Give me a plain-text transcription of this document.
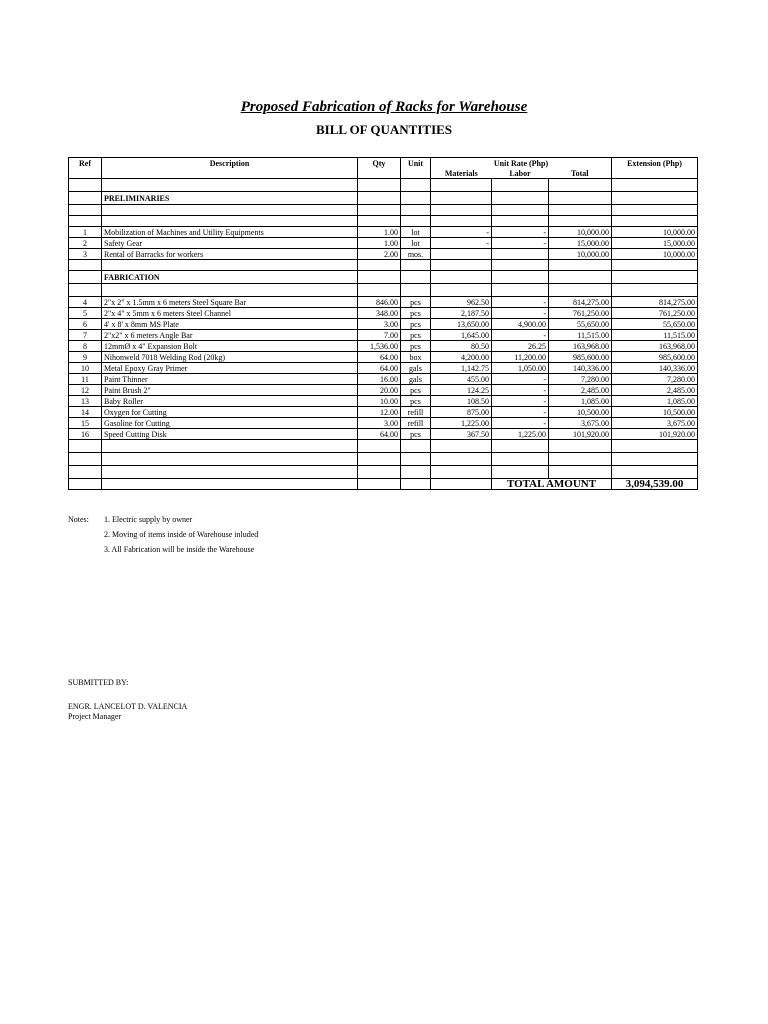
Proposed Fabrication of Racks for Warehouse
BILL OF QUANTITIES
Ref	Description	Qty	Unit	Unit Rate (Php)			Extension (Php)
				Materials	Labor	Total	

	PRELIMINARIES						

1	Mobilization of Machines and Utility Equipments	1.00	lot	-	-	10,000.00	10,000.00
2	Safety Gear	1.00	lot	-	-	15,000.00	15,000.00
3	Rental of Barracks for workers	2.00	mos.			10,000.00	10,000.00

	FABRICATION						

4	2"x 2" x 1.5mm x 6 meters Steel Square Bar	846.00	pcs	962.50	-	814,275.00	814,275.00
5	2"x 4" x 5mm x 6 meters Steel Channel	348.00	pcs	2,187.50	-	761,250.00	761,250.00
6	4' x 8' x 8mm MS Plate	3.00	pcs	13,650.00	4,900.00	55,650.00	55,650.00
7	2"x2" x 6 meters Angle Bar	7.00	pcs	1,645.00	-	11,515.00	11,515.00
8	12mmØ x 4" Expansion Bolt	1,536.00	pcs	80.50	26.25	163,968.00	163,968.00
9	Nihonweld 7018 Welding Rod (20kg)	64.00	box	4,200.00	11,200.00	985,600.00	985,600.00
10	Metal Epoxy Gray Primer	64.00	gals	1,142.75	1,050.00	140,336.00	140,336.00
11	Paint Thinner	16.00	gals	455.00	-	7,280.00	7,280.00
12	Paint Brush 2"	20.00	pcs	124.25	-	2,485.00	2,485.00
13	Baby Roller	10.00	pcs	108.50	-	1,085.00	1,085.00
14	Oxygen for Cutting	12.00	refill	875.00	-	10,500.00	10,500.00
15	Gasoline for Cutting	3.00	refill	1,225.00	-	3,675.00	3,675.00
16	Speed Cutting Disk	64.00	pcs	367.50	1,225.00	101,920.00	101,920.00

					TOTAL AMOUNT		3,094,539.00
Notes: 1. Electric supply by owner
2. Moving of items inside of Warehouse inluded
3. All Fabrication will be inside the Warehouse
SUBMITTED BY:
ENGR. LANCELOT D. VALENCIA
Project Manager
